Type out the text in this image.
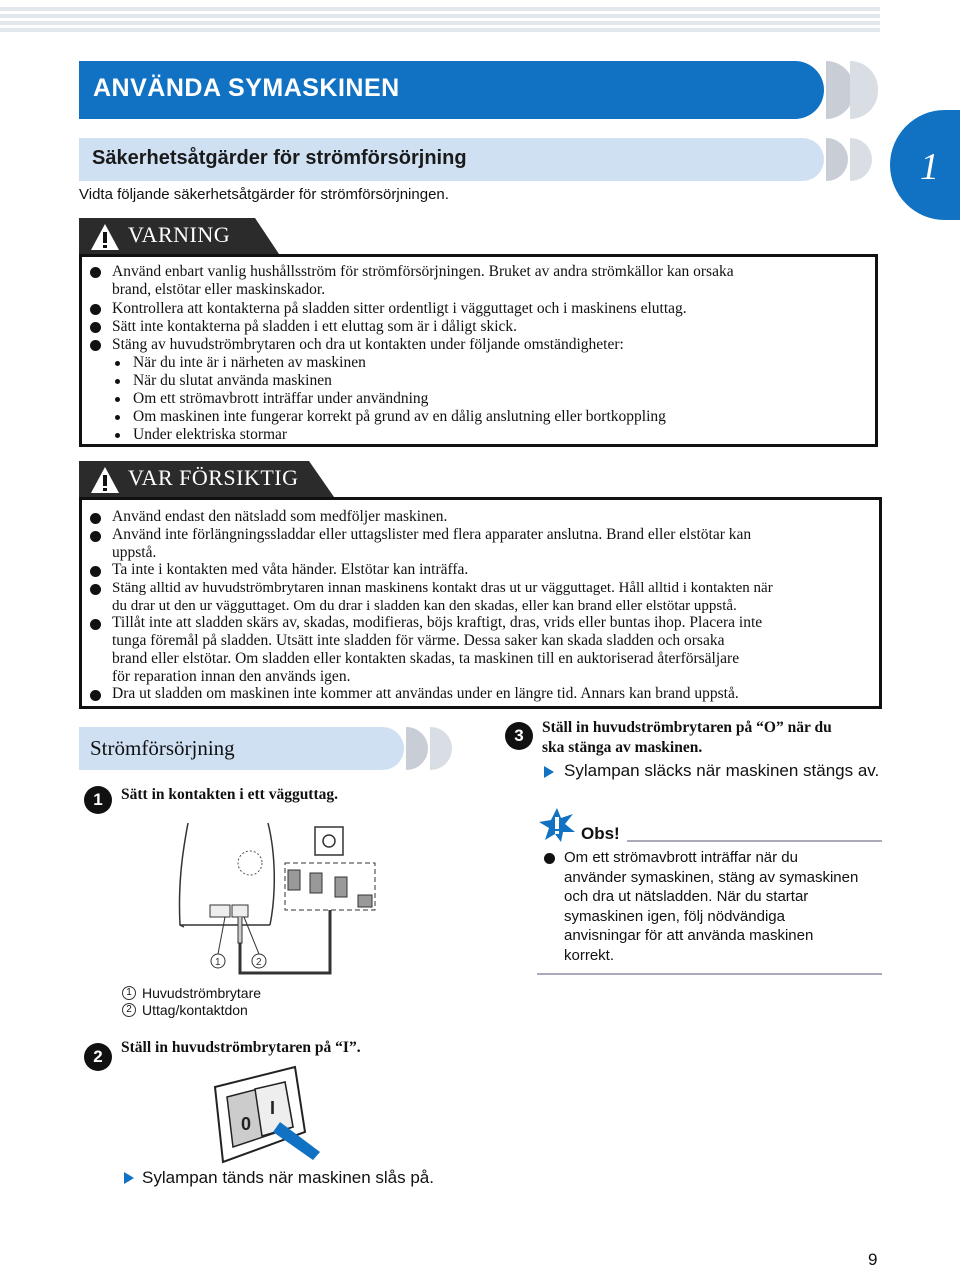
ANVÄNDA SYMASKINEN
1
Säkerhetsåtgärder för strömförsörjning
Vidta följande säkerhetsåtgärder för strömförsörjningen.
VARNING
Använd enbart vanlig hushållsström för strömförsörjningen. Bruket av andra strömkällor kan orsaka
brand, elstötar eller maskinskador.
Kontrollera att kontakterna på sladden sitter ordentligt i vägguttaget och i maskinens eluttag.
Sätt inte kontakterna på sladden i ett eluttag som är i dåligt skick.
Stäng av huvudströmbrytaren och dra ut kontakten under följande omständigheter:
När du inte är i närheten av maskinen
När du slutat använda maskinen
Om ett strömavbrott inträffar under användning
Om maskinen inte fungerar korrekt på grund av en dålig anslutning eller bortkoppling
Under elektriska stormar
VAR FÖRSIKTIG
Använd endast den nätsladd som medföljer maskinen.
Använd inte förlängningssladdar eller uttagslister med flera apparater anslutna. Brand eller elstötar kan
uppstå.
Ta inte i kontakten med våta händer. Elstötar kan inträffa.
Stäng alltid av huvudströmbrytaren innan maskinens kontakt dras ut ur vägguttaget. Håll alltid i kontakten när
du drar ut den ur vägguttaget. Om du drar i sladden kan den skadas, eller kan brand eller elstötar uppstå.
Tillåt inte att sladden skärs av, skadas, modifieras, böjs kraftigt, dras, vrids eller buntas ihop. Placera inte
tunga föremål på sladden. Utsätt inte sladden för värme. Dessa saker kan skada sladden och orsaka
brand eller elstötar. Om sladden eller kontakten skadas, ta maskinen till en auktoriserad återförsäljare
för reparation innan den används igen.
Dra ut sladden om maskinen inte kommer att användas under en längre tid. Annars kan brand uppstå.
Strömförsörjning
1	Sätt in kontakten i ett vägguttag.
1	2
1 Huvudströmbrytare
2 Uttag/kontaktdon
2	Ställ in huvudströmbrytaren på “I”.
0
I
Sylampan tänds när maskinen slås på.
3	Ställ in huvudströmbrytaren på “O” när du
ska stänga av maskinen.
Sylampan släcks när maskinen stängs av.
Obs!
Om ett strömavbrott inträffar när du
använder symaskinen, stäng av symaskinen
och dra ut nätsladden. När du startar
symaskinen igen, följ nödvändiga
anvisningar för att använda maskinen
korrekt.
9
